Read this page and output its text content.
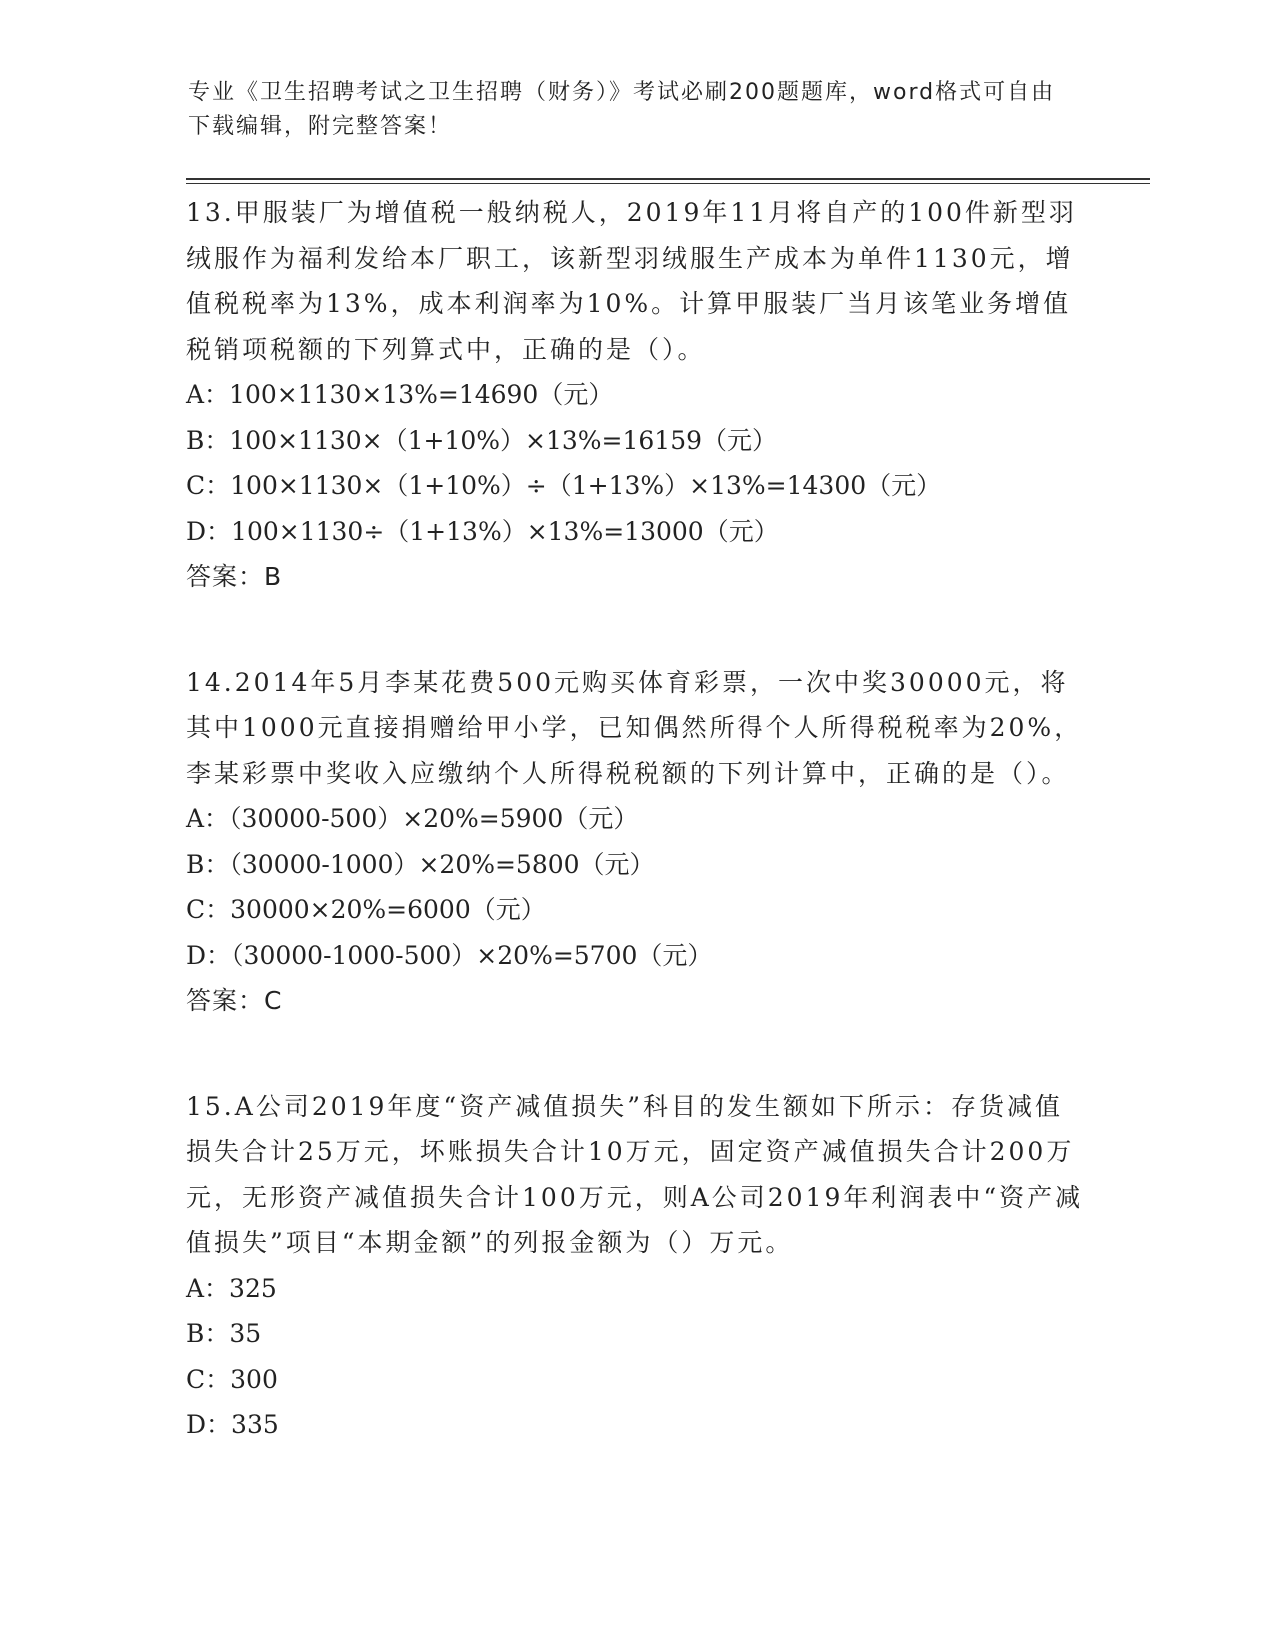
专业《卫生招聘考试之卫生招聘（财务）》考试必刷200题题库，word格式可自由下载编辑，附完整答案！

13.甲服装厂为增值税一般纳税人，2019年11月将自产的100件新型羽绒服作为福利发给本厂职工，该新型羽绒服生产成本为单件1130元，增值税税率为13%，成本利润率为10%。计算甲服装厂当月该笔业务增值税销项税额的下列算式中，正确的是（）。

A：100×1130×13%=14690（元）

B：100×1130×（1+10%）×13%=16159（元）

C：100×1130×（1+10%）÷（1+13%）×13%=14300（元）

D：100×1130÷（1+13%）×13%=13000（元）

答案：B

14.2014年5月李某花费500元购买体育彩票，一次中奖30000元，将其中1000元直接捐赠给甲小学，已知偶然所得个人所得税税率为20%，李某彩票中奖收入应缴纳个人所得税税额的下列计算中，正确的是（）。

A：（30000-500）×20%=5900（元）

B：（30000-1000）×20%=5800（元）

C：30000×20%=6000（元）

D：（30000-1000-500）×20%=5700（元）

答案：C

15.A公司2019年度“资产减值损失”科目的发生额如下所示：存货减值损失合计25万元，坏账损失合计10万元，固定资产减值损失合计200万元，无形资产减值损失合计100万元，则A公司2019年利润表中“资产减值损失”项目“本期金额”的列报金额为（）万元。

A：325

B：35

C：300

D：335
